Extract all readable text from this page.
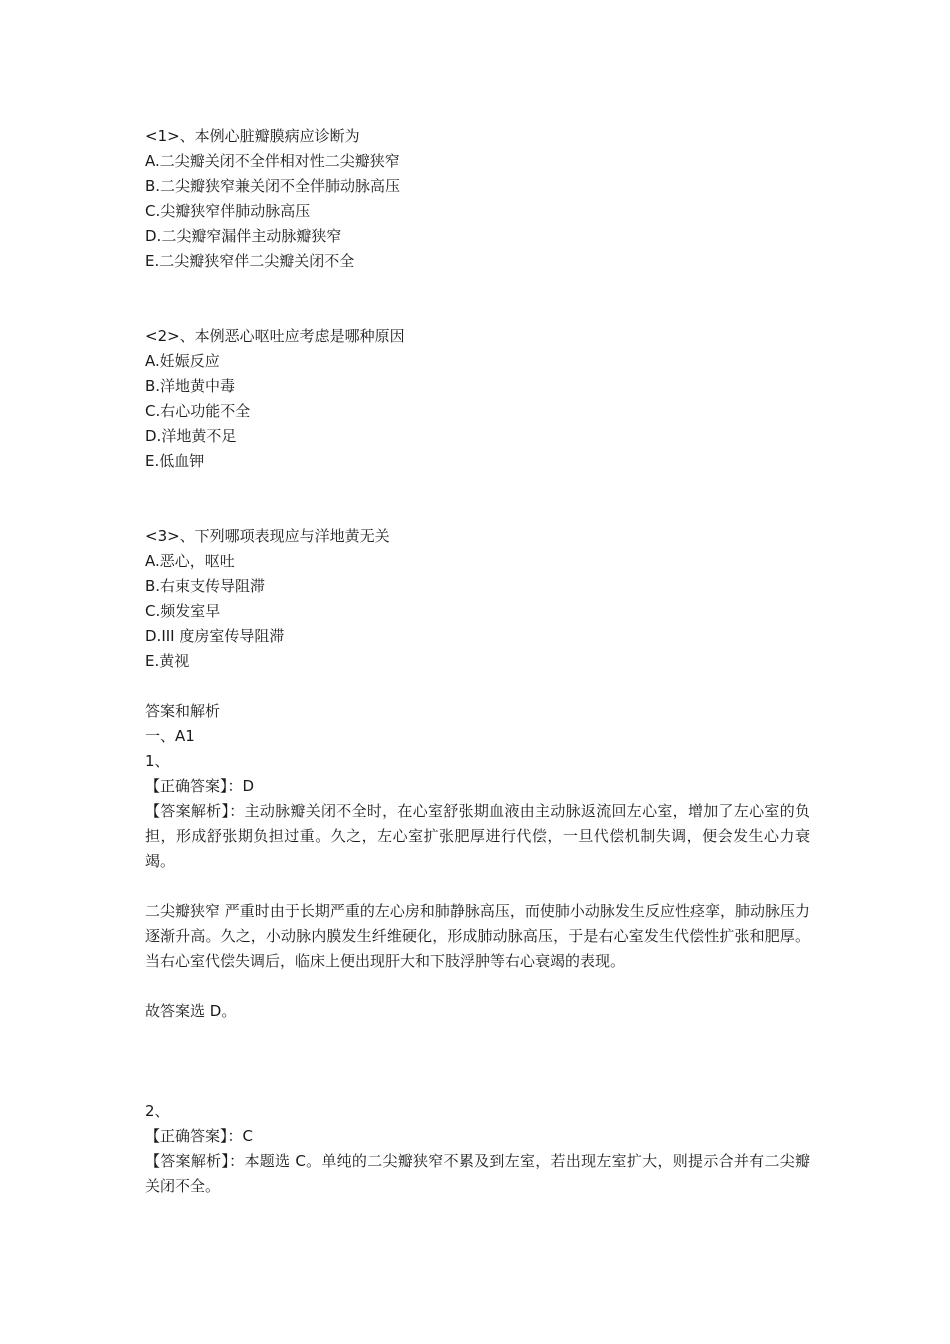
<1>、本例心脏瓣膜病应诊断为
A.二尖瓣关闭不全伴相对性二尖瓣狭窄
B.二尖瓣狭窄兼关闭不全伴肺动脉高压
C.尖瓣狭窄伴肺动脉高压
D.二尖瓣窄漏伴主动脉瓣狭窄
E.二尖瓣狭窄伴二尖瓣关闭不全
<2>、本例恶心呕吐应考虑是哪种原因
A.妊娠反应
B.洋地黄中毒
C.右心功能不全
D.洋地黄不足
E.低血钾
<3>、下列哪项表现应与洋地黄无关
A.恶心，呕吐
B.右束支传导阻滞
C.频发室早
D.III 度房室传导阻滞
E.黄视
答案和解析
一、A1
1、
【正确答案】：D
【答案解析】：主动脉瓣关闭不全时，在心室舒张期血液由主动脉返流回左心室，增加了左心室的负担，形成舒张期负担过重。久之，左心室扩张肥厚进行代偿，一旦代偿机制失调，便会发生心力衰竭。
二尖瓣狭窄 严重时由于长期严重的左心房和肺静脉高压，而使肺小动脉发生反应性痉挛，肺动脉压力逐渐升高。久之，小动脉内膜发生纤维硬化，形成肺动脉高压，于是右心室发生代偿性扩张和肥厚。当右心室代偿失调后，临床上便出现肝大和下肢浮肿等右心衰竭的表现。
故答案选 D。
2、
【正确答案】：C
【答案解析】：本题选 C。单纯的二尖瓣狭窄不累及到左室，若出现左室扩大，则提示合并有二尖瓣关闭不全。
